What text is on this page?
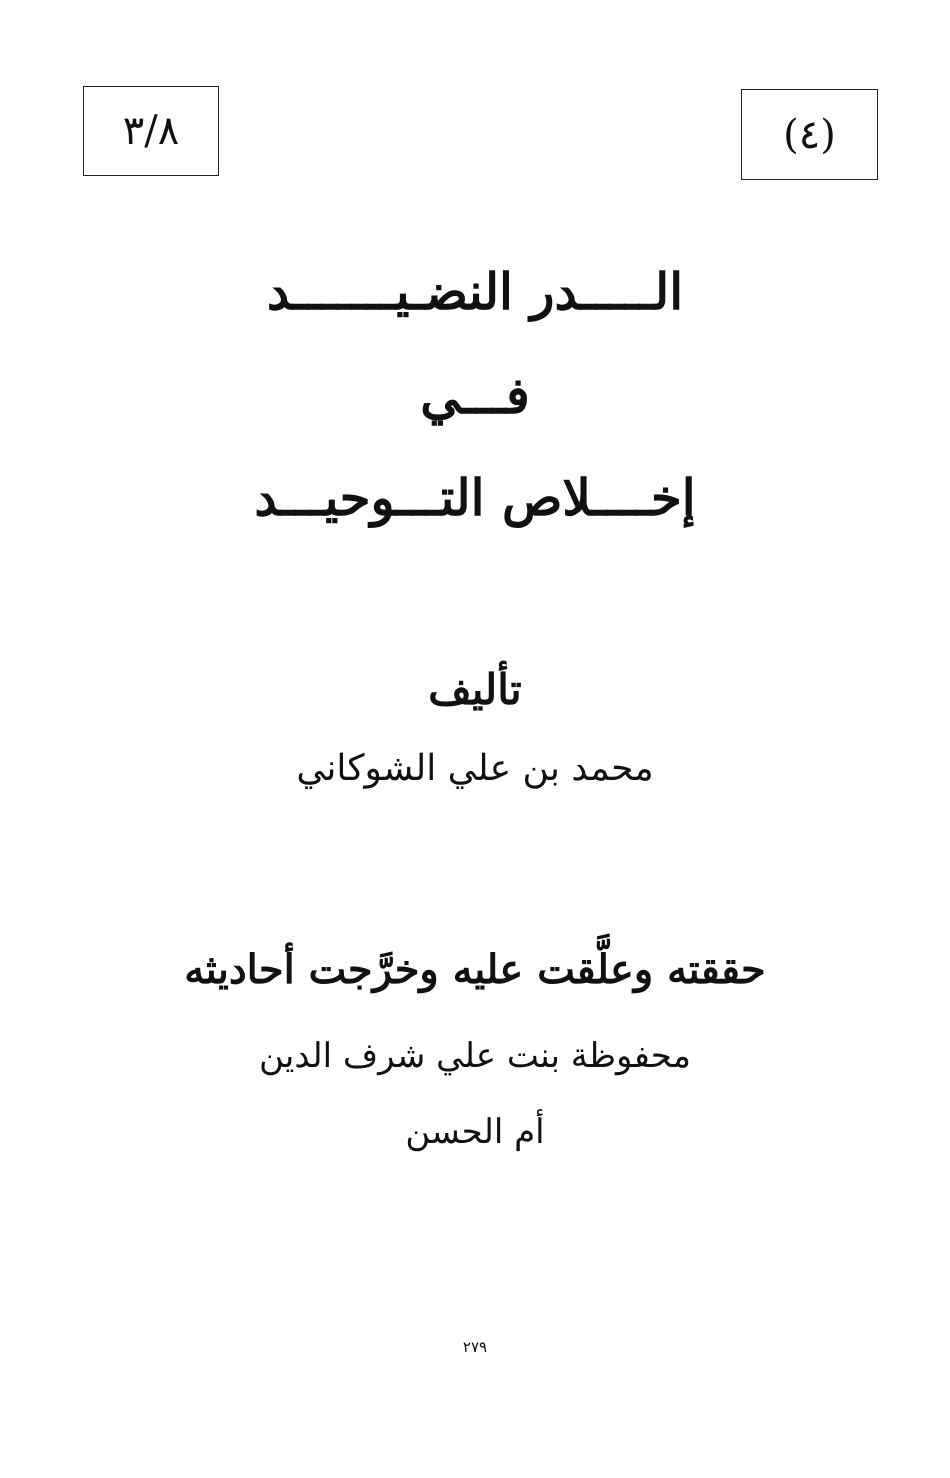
٣/٨	(٤)
الـــــدر النضـيـــــــد
فـــي
إخــــلاص التـــوحيـــد
تأليف
محمد بن علي الشوكاني
حققته وعلَّقت عليه وخرَّجت أحاديثه
محفوظة بنت علي شرف الدين
أم الحسن
٢٧٩
